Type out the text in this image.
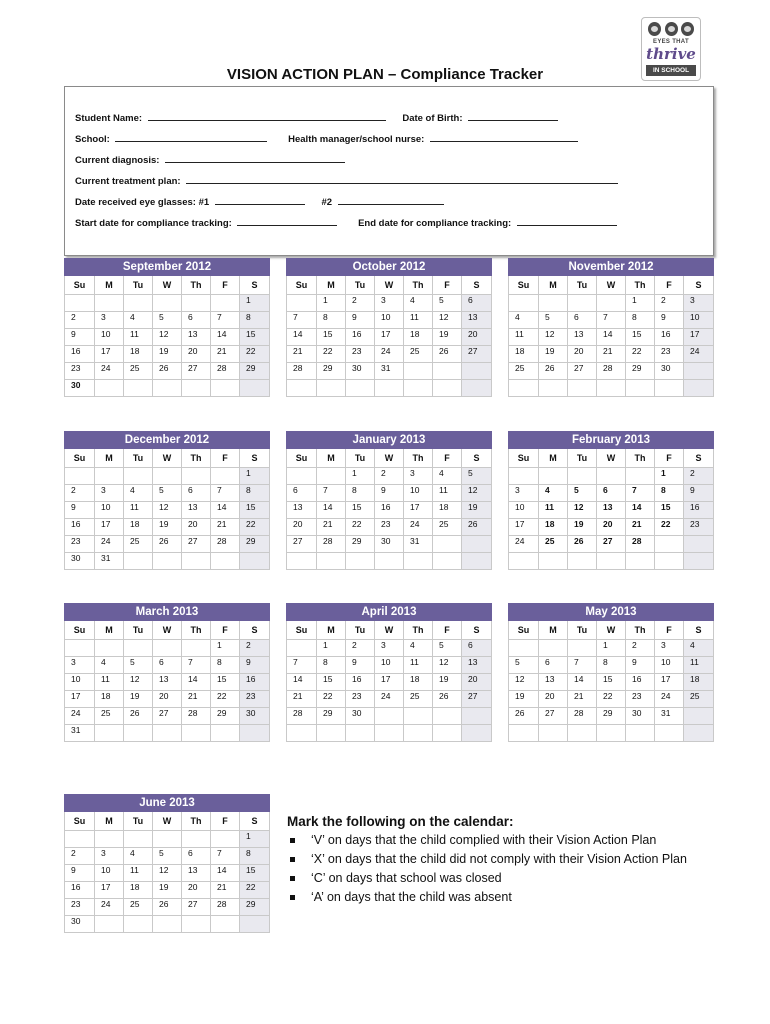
EYES THAT
thrive
IN SCHOOL
VISION ACTION PLAN – Compliance Tracker
Student Name:	Date of Birth:
School:	Health manager/school nurse:
Current diagnosis:
Current treatment plan:
Date received eye glasses: #1	#2
Start date for compliance tracking:	End date for compliance tracking:
September 2012						
Su	M	Tu	W	Th	F	S
						1
2	3	4	5	6	7	8
9	10	11	12	13	14	15
16	17	18	19	20	21	22
23	24	25	26	27	28	29
30						
October 2012						
Su	M	Tu	W	Th	F	S
	1	2	3	4	5	6
7	8	9	10	11	12	13
14	15	16	17	18	19	20
21	22	23	24	25	26	27
28	29	30	31			

November 2012						
Su	M	Tu	W	Th	F	S
				1	2	3
4	5	6	7	8	9	10
11	12	13	14	15	16	17
18	19	20	21	22	23	24
25	26	27	28	29	30	

December 2012						
Su	M	Tu	W	Th	F	S
						1
2	3	4	5	6	7	8
9	10	11	12	13	14	15
16	17	18	19	20	21	22
23	24	25	26	27	28	29
30	31					
January 2013						
Su	M	Tu	W	Th	F	S
		1	2	3	4	5
6	7	8	9	10	11	12
13	14	15	16	17	18	19
20	21	22	23	24	25	26
27	28	29	30	31		

February 2013						
Su	M	Tu	W	Th	F	S
					1	2
3	4	5	6	7	8	9
10	11	12	13	14	15	16
17	18	19	20	21	22	23
24	25	26	27	28		

March 2013						
Su	M	Tu	W	Th	F	S
					1	2
3	4	5	6	7	8	9
10	11	12	13	14	15	16
17	18	19	20	21	22	23
24	25	26	27	28	29	30
31						
April 2013						
Su	M	Tu	W	Th	F	S
	1	2	3	4	5	6
7	8	9	10	11	12	13
14	15	16	17	18	19	20
21	22	23	24	25	26	27
28	29	30				

May 2013						
Su	M	Tu	W	Th	F	S
			1	2	3	4
5	6	7	8	9	10	11
12	13	14	15	16	17	18
19	20	21	22	23	24	25
26	27	28	29	30	31	

June 2013						
Su	M	Tu	W	Th	F	S
						1
2	3	4	5	6	7	8
9	10	11	12	13	14	15
16	17	18	19	20	21	22
23	24	25	26	27	28	29
30						
Mark the following on the calendar:
‘V’ on days that the child complied with their Vision Action Plan
‘X’ on days that the child did not comply with their Vision Action Plan
‘C’ on days that school was closed
‘A’ on days that the child was absent
